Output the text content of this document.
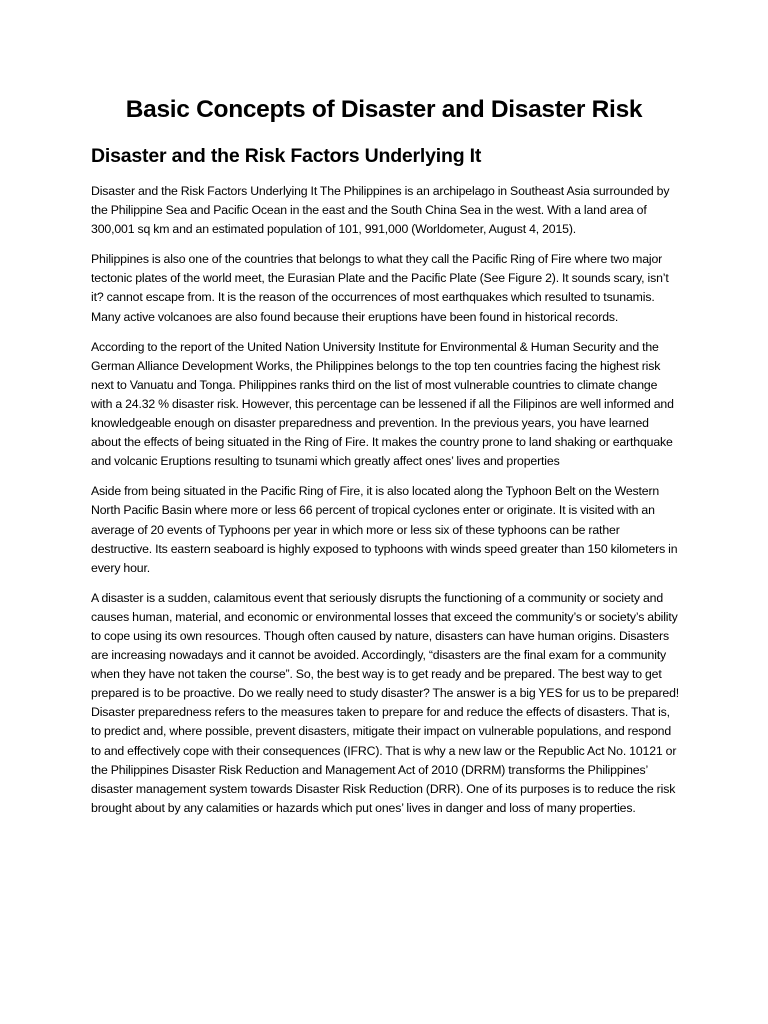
Basic Concepts of Disaster and Disaster Risk
Disaster and the Risk Factors Underlying It

Disaster and the Risk Factors Underlying It The Philippines is an archipelago in Southeast Asia surrounded by the Philippine Sea and Pacific Ocean in the east and the South China Sea in the west. With a land area of 300,001 sq km and an estimated population of 101, 991,000 (Worldometer, August 4, 2015).

Philippines is also one of the countries that belongs to what they call the Pacific Ring of Fire where two major tectonic plates of the world meet, the Eurasian Plate and the Pacific Plate (See Figure 2). It sounds scary, isn’t it? cannot escape from. It is the reason of the occurrences of most earthquakes which resulted to tsunamis. Many active volcanoes are also found because their eruptions have been found in historical records.

According to the report of the United Nation University Institute for Environmental & Human Security and the German Alliance Development Works, the Philippines belongs to the top ten countries facing the highest risk next to Vanuatu and Tonga. Philippines ranks third on the list of most vulnerable countries to climate change with a 24.32 % disaster risk. However, this percentage can be lessened if all the Filipinos are well informed and knowledgeable enough on disaster preparedness and prevention. In the previous years, you have learned about the effects of being situated in the Ring of Fire. It makes the country prone to land shaking or earthquake and volcanic Eruptions resulting to tsunami which greatly affect ones’ lives and properties

Aside from being situated in the Pacific Ring of Fire, it is also located along the Typhoon Belt on the Western North Pacific Basin where more or less 66 percent of tropical cyclones enter or originate. It is visited with an average of 20 events of Typhoons per year in which more or less six of these typhoons can be rather destructive. Its eastern seaboard is highly exposed to typhoons with winds speed greater than 150 kilometers in every hour.

A disaster is a sudden, calamitous event that seriously disrupts the functioning of a community or society and causes human, material, and economic or environmental losses that exceed the community’s or society’s ability to cope using its own resources. Though often caused by nature, disasters can have human origins. Disasters are increasing nowadays and it cannot be avoided. Accordingly, “disasters are the final exam for a community when they have not taken the course”. So, the best way is to get ready and be prepared. The best way to get prepared is to be proactive. Do we really need to study disaster? The answer is a big YES for us to be prepared! Disaster preparedness refers to the measures taken to prepare for and reduce the effects of disasters. That is, to predict and, where possible, prevent disasters, mitigate their impact on vulnerable populations, and respond to and effectively cope with their consequences (IFRC). That is why a new law or the Republic Act No. 10121 or the Philippines Disaster Risk Reduction and Management Act of 2010 (DRRM) transforms the Philippines’ disaster management system towards Disaster Risk Reduction (DRR). One of its purposes is to reduce the risk brought about by any calamities or hazards which put ones’ lives in danger and loss of many properties.
